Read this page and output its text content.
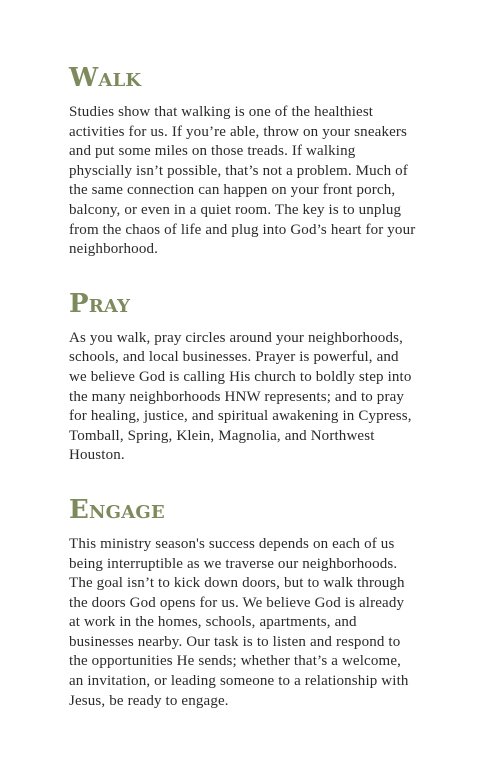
Walk

Studies show that walking is one of the healthiest
activities for us. If you’re able, throw on your sneakers
and put some miles on those treads. If walking
physcially isn’t possible, that’s not a problem. Much of
the same connection can happen on your front porch,
balcony, or even in a quiet room. The key is to unplug
from the chaos of life and plug into God’s heart for your
neighborhood.

Pray

As you walk, pray circles around your neighborhoods,
schools, and local businesses. Prayer is powerful, and
we believe God is calling His church to boldly step into
the many neighborhoods HNW represents; and to pray
for healing, justice, and spiritual awakening in Cypress,
Tomball, Spring, Klein, Magnolia, and Northwest
Houston.

Engage

This ministry season's success depends on each of us
being interruptible as we traverse our neighborhoods.
The goal isn’t to kick down doors, but to walk through
the doors God opens for us. We believe God is already
at work in the homes, schools, apartments, and
businesses nearby. Our task is to listen and respond to
the opportunities He sends; whether that’s a welcome,
an invitation, or leading someone to a relationship with
Jesus, be ready to engage.
